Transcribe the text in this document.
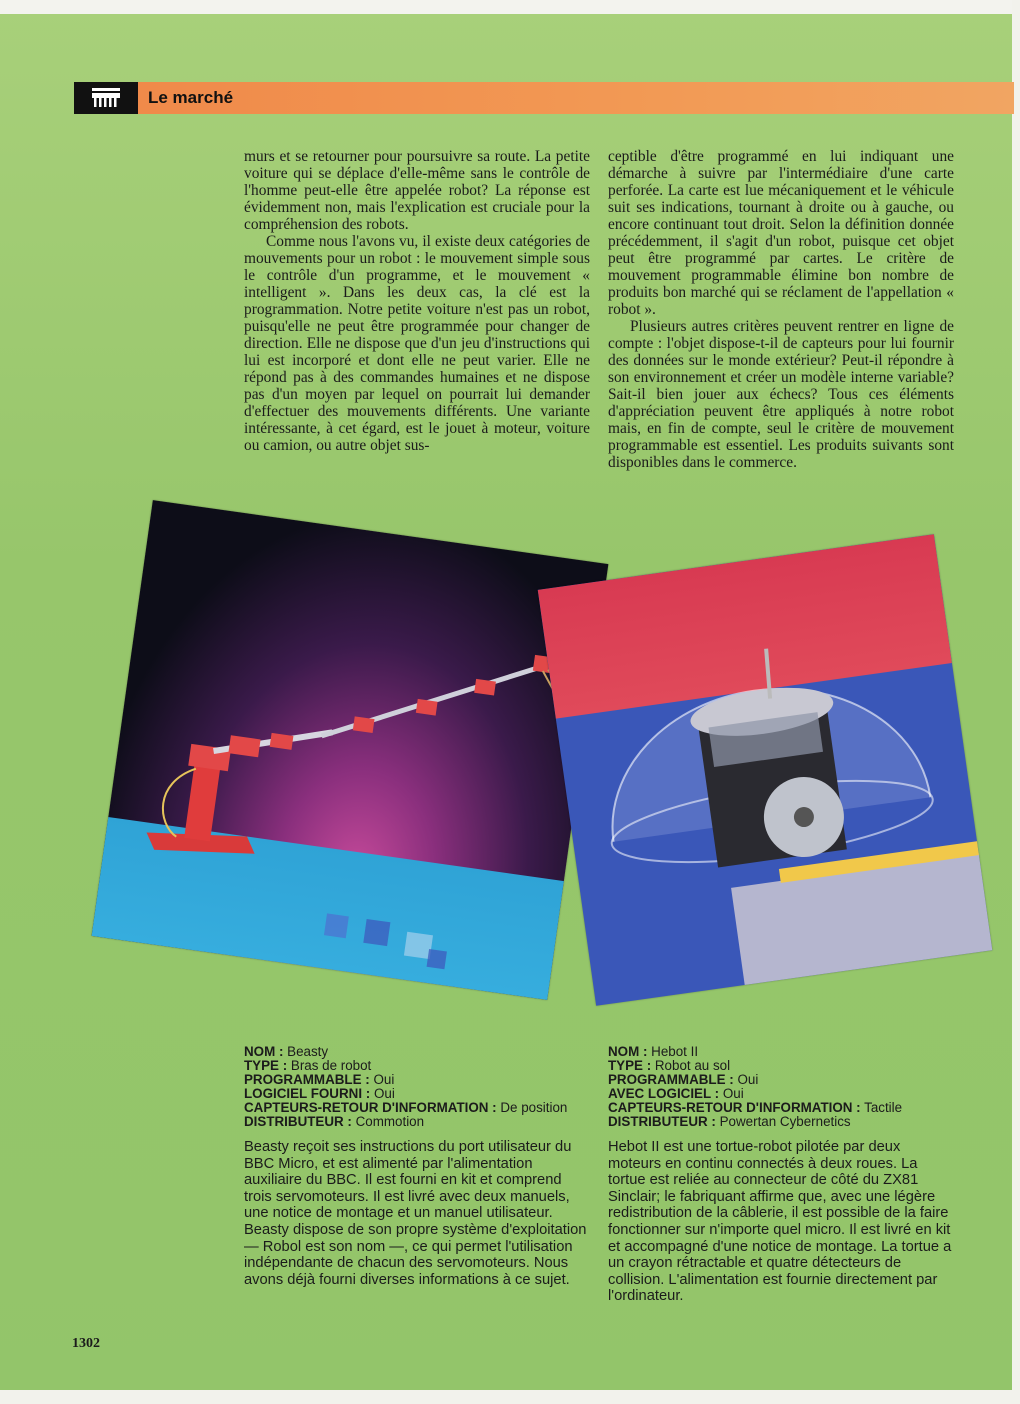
Le marché

murs et se retourner pour poursuivre sa route. La petite voiture qui se déplace d'elle-même sans le contrôle de l'homme peut-elle être appelée robot? La réponse est évidemment non, mais l'explication est cruciale pour la compréhension des robots.

Comme nous l'avons vu, il existe deux catégories de mouvements pour un robot : le mouvement simple sous le contrôle d'un programme, et le mouvement « intelligent ». Dans les deux cas, la clé est la programmation. Notre petite voiture n'est pas un robot, puisqu'elle ne peut être programmée pour changer de direction. Elle ne dispose que d'un jeu d'instructions qui lui est incorporé et dont elle ne peut varier. Elle ne répond pas à des commandes humaines et ne dispose pas d'un moyen par lequel on pourrait lui demander d'effectuer des mouvements différents. Une variante intéressante, à cet égard, est le jouet à moteur, voiture ou camion, ou autre objet sus-

ceptible d'être programmé en lui indiquant une démarche à suivre par l'intermédiaire d'une carte perforée. La carte est lue mécaniquement et le véhicule suit ses indications, tournant à droite ou à gauche, ou encore continuant tout droit. Selon la définition donnée précédemment, il s'agit d'un robot, puisque cet objet peut être programmé par cartes. Le critère de mouvement programmable élimine bon nombre de produits bon marché qui se réclament de l'appellation « robot ».

Plusieurs autres critères peuvent rentrer en ligne de compte : l'objet dispose-t-il de capteurs pour lui fournir des données sur le monde extérieur? Peut-il répondre à son environnement et créer un modèle interne variable? Sait-il bien jouer aux échecs? Tous ces éléments d'appréciation peuvent être appliqués à notre robot mais, en fin de compte, seul le critère de mouvement programmable est essentiel. Les produits suivants sont disponibles dans le commerce.

NOM : Beasty
TYPE : Bras de robot
PROGRAMMABLE : Oui
LOGICIEL FOURNI : Oui
CAPTEURS-RETOUR D'INFORMATION : De position
DISTRIBUTEUR : Commotion
NOM : Hebot II
TYPE : Robot au sol
PROGRAMMABLE : Oui
AVEC LOGICIEL : Oui
CAPTEURS-RETOUR D'INFORMATION : Tactile
DISTRIBUTEUR : Powertan Cybernetics

Beasty reçoit ses instructions du port utilisateur du BBC Micro, et est alimenté par l'alimentation auxiliaire du BBC. Il est fourni en kit et comprend trois servomoteurs. Il est livré avec deux manuels, une notice de montage et un manuel utilisateur.

Beasty dispose de son propre système d'exploitation — Robol est son nom —, ce qui permet l'utilisation indépendante de chacun des servomoteurs. Nous avons déjà fourni diverses informations à ce sujet.

Hebot II est une tortue-robot pilotée par deux moteurs en continu connectés à deux roues. La tortue est reliée au connecteur de côté du ZX81 Sinclair; le fabriquant affirme que, avec une légère redistribution de la câblerie, il est possible de la faire fonctionner sur n'importe quel micro. Il est livré en kit et accompagné d'une notice de montage. La tortue a un crayon rétractable et quatre détecteurs de collision. L'alimentation est fournie directement par l'ordinateur.

1302
